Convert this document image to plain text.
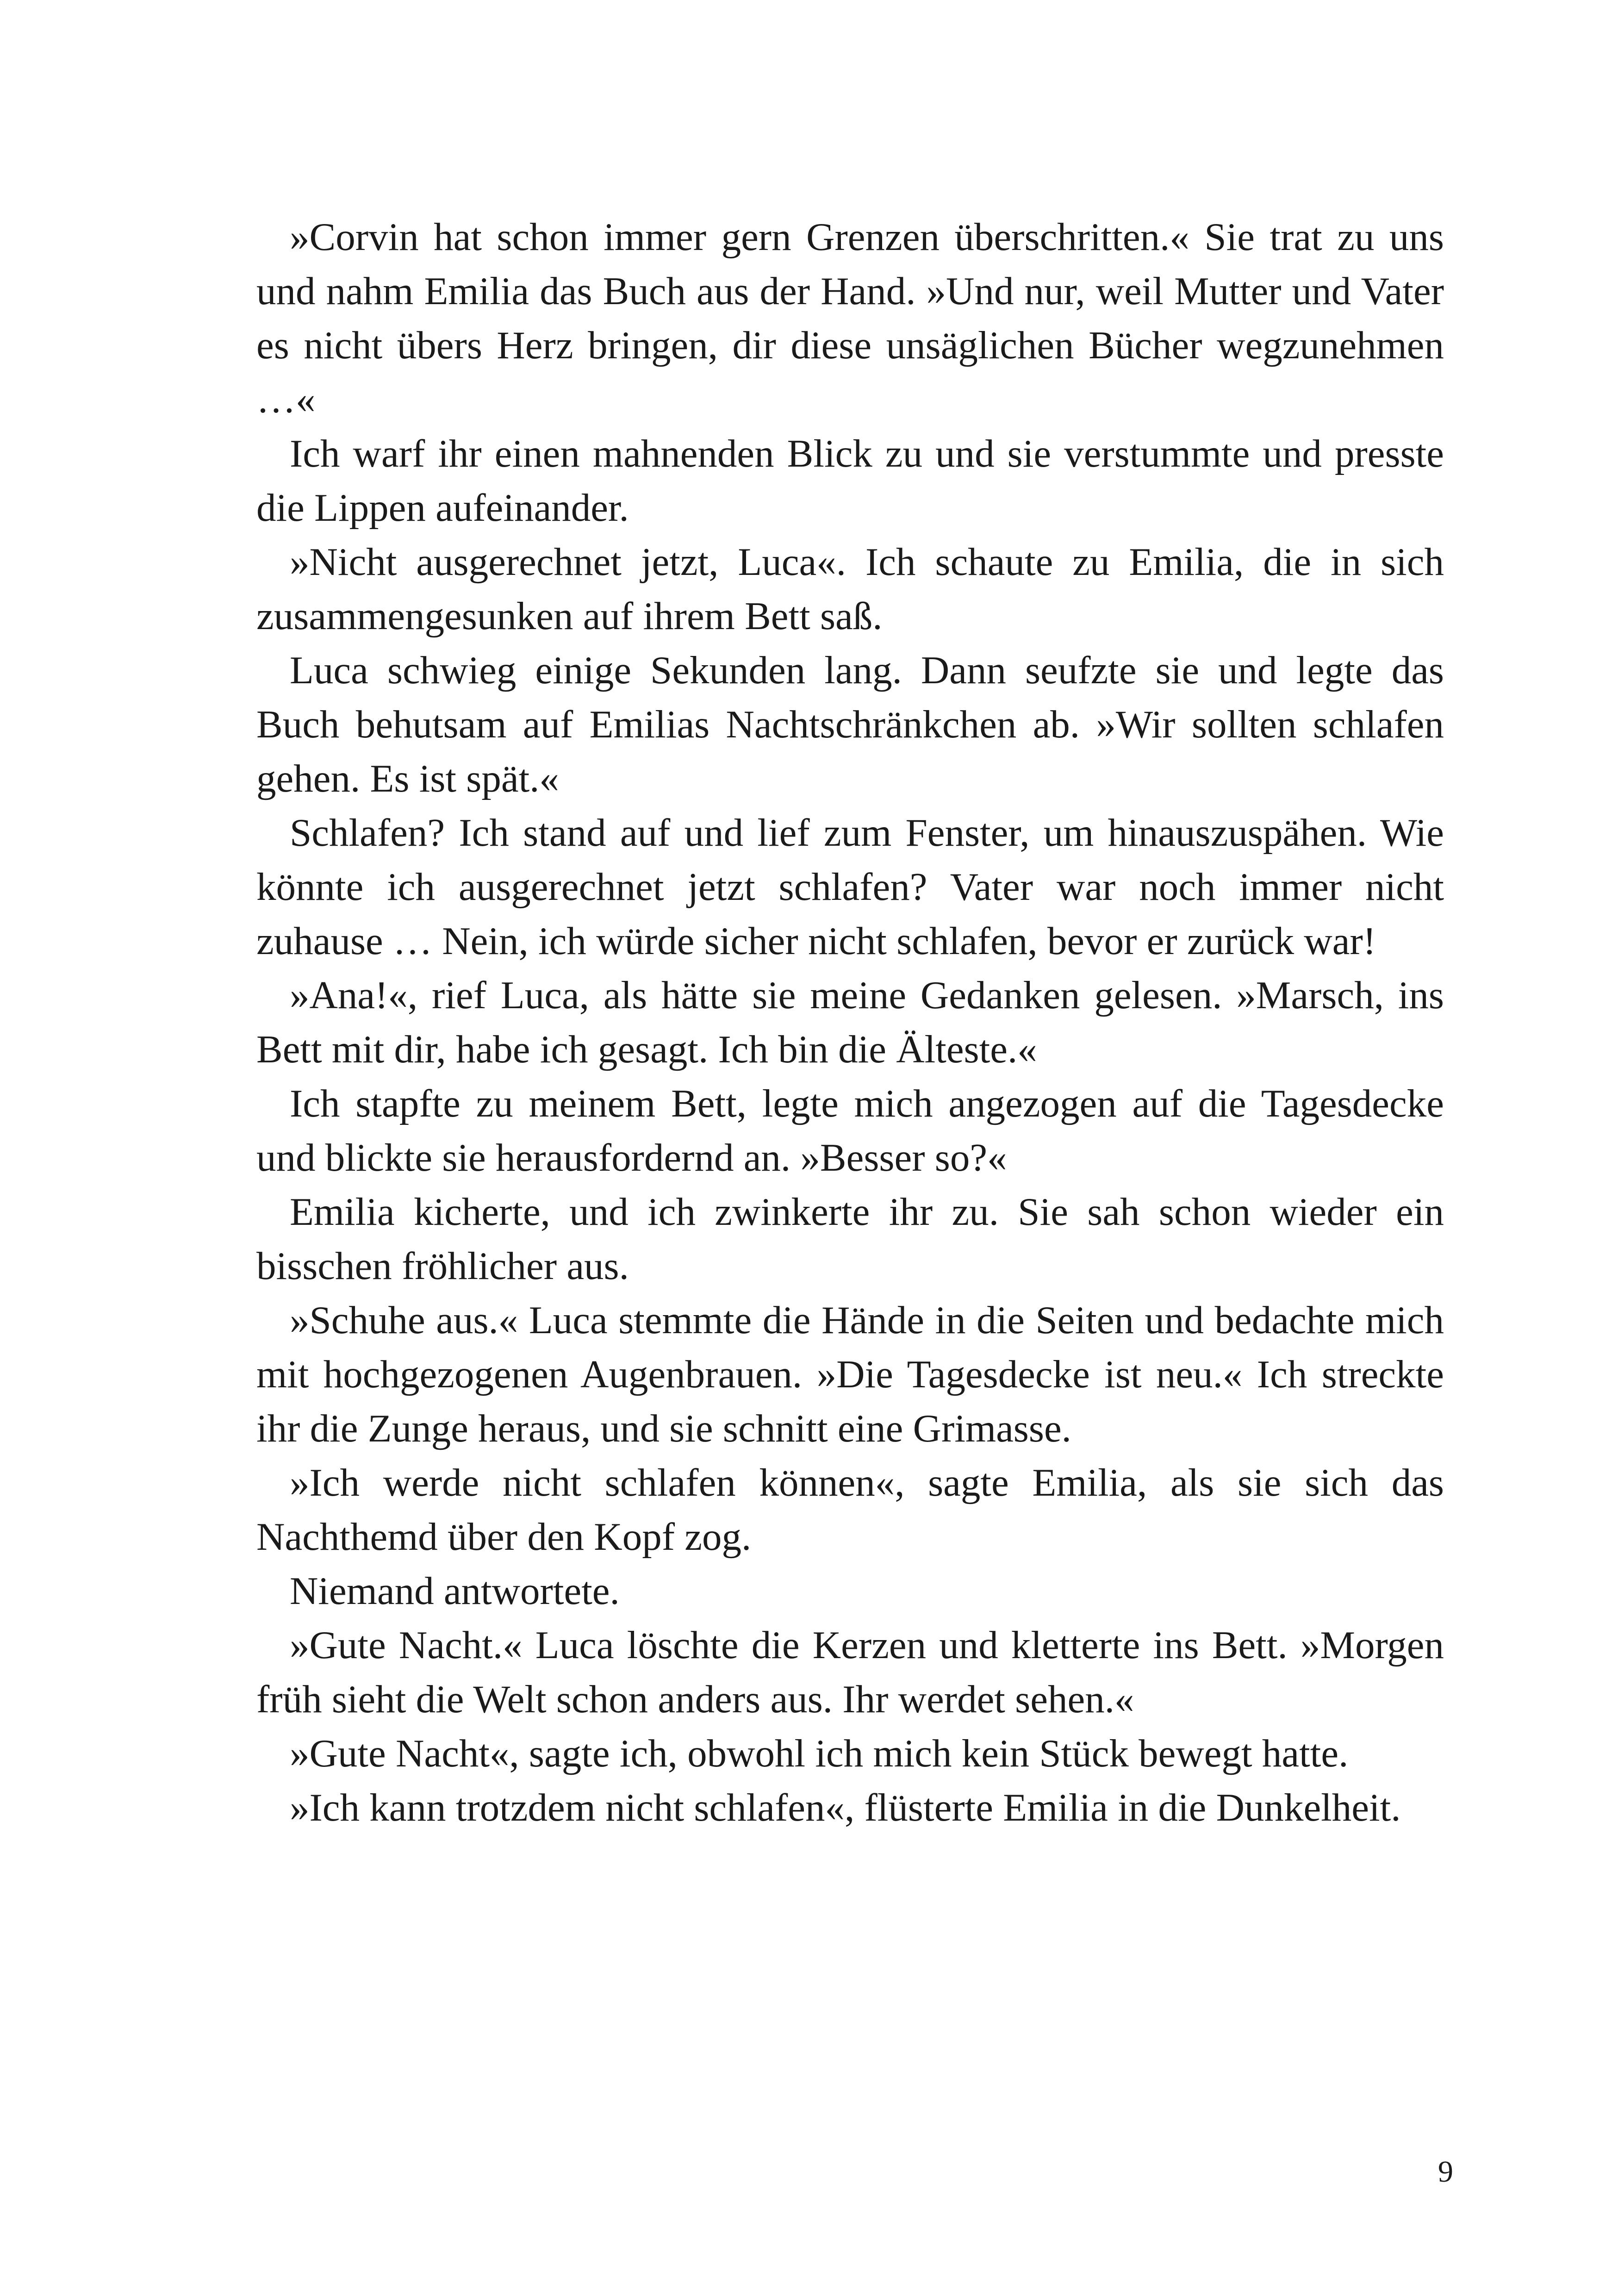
»Corvin hat schon immer gern Grenzen überschritten.« Sie trat zu uns und nahm Emilia das Buch aus der Hand. »Und nur, weil Mutter und Vater es nicht übers Herz bringen, dir diese unsäglichen Bücher wegzunehmen …«

Ich warf ihr einen mahnenden Blick zu und sie verstummte und presste die Lippen aufeinander.

»Nicht ausgerechnet jetzt, Luca«. Ich schaute zu Emilia, die in sich zusammengesunken auf ihrem Bett saß.

Luca schwieg einige Sekunden lang. Dann seufzte sie und legte das Buch behutsam auf Emilias Nachtschränkchen ab. »Wir sollten schlafen gehen. Es ist spät.«

Schlafen? Ich stand auf und lief zum Fenster, um hinauszuspähen. Wie könnte ich ausgerechnet jetzt schlafen? Vater war noch immer nicht zuhause … Nein, ich würde sicher nicht schlafen, bevor er zurück war!

»Ana!«, rief Luca, als hätte sie meine Gedanken gelesen. »Marsch, ins Bett mit dir, habe ich gesagt. Ich bin die Älteste.«

Ich stapfte zu meinem Bett, legte mich angezogen auf die Tagesdecke und blickte sie herausfordernd an. »Besser so?«

Emilia kicherte, und ich zwinkerte ihr zu. Sie sah schon wieder ein bisschen fröhlicher aus.

»Schuhe aus.« Luca stemmte die Hände in die Seiten und bedachte mich mit hochgezogenen Augenbrauen. »Die Tagesdecke ist neu.« Ich streckte ihr die Zunge heraus, und sie schnitt eine Grimasse.

»Ich werde nicht schlafen können«, sagte Emilia, als sie sich das Nachthemd über den Kopf zog.

Niemand antwortete.

»Gute Nacht.« Luca löschte die Kerzen und kletterte ins Bett. »Morgen früh sieht die Welt schon anders aus. Ihr werdet sehen.«

»Gute Nacht«, sagte ich, obwohl ich mich kein Stück bewegt hatte.

»Ich kann trotzdem nicht schlafen«, flüsterte Emilia in die Dunkelheit.

9
